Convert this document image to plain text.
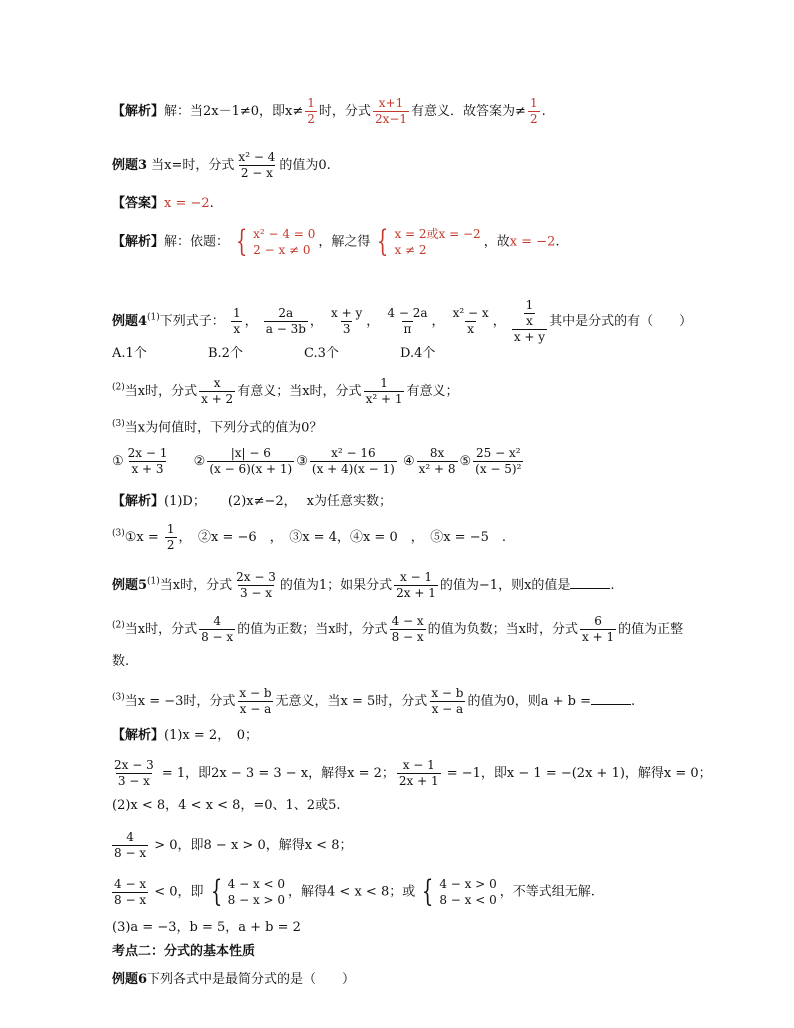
【解析】解：当2x－1≠0，即$x\ne \frac{1}{2}$ 时，分式 $\frac{x+1}{2x-1}$ 有意义．故答案为≠ $\frac{1}{2}$ .
例题3 当x=时，分式 $\frac{\text{x² − 4}}{2 - x}$ 的值为0.
【答案】x = −2.
【解析】解：依题： { x² − 4 = 0
2 − x ≠ 0
，解之得 { x = 2或x = −2
x ≠ 2
，故x = −2.
例题4$^{(1)}$下列式子： $\frac{1}{x}$ ， $\frac{2a}{a - 3b}$ ， $\frac{x + y}{3}$ ， $\frac{4 - 2a}{\pi}$ ， $\frac{\text{x² − x}}{x}$ ， $\frac{\frac{1}{x}}{x + y}$ 其中是分式的有（　　）
A.1个	B.2个	C.3个	D.4个
$^{(2)}$当x时，分式 $\frac{x}{x + 2}$ 有意义；当x时，分式 $\frac{1}{\text{x² + 1}}$ 有意义；
$^{(3)}$当x为何值时，下列分式的值为0？
① $\frac{2x - 1}{x + 3}$ ② $\frac{|x| - 6}{(x - 6)(x + 1)}$ ③ $\frac{\text{x² − 16}}{(x + 4)(x - 1)}$ ④ $\frac{8x}{\text{x² + 8}}$ ⑤ $\frac{\text{25 − x²}}{\text{(x − 5)²}}$
【解析】(1)D； (2)x≠−2， x为任意实数；
$^{(3)}$①x = $\frac{1}{2}$ ，　②x = −6　，　③x = 4，④x = 0　，　⑤x = −5　.
例题5$^{(1)}$当x时，分式 $\frac{2x - 3}{3 - x}$ 的值为1；如果分式 $\frac{x - 1}{2x + 1}$ 的值为−1，则x的值是	.
$^{(2)}$当x时，分式 $\frac{4}{8 - x}$ 的值为正数；当x时，分式 $\frac{4 - x}{8 - x}$ 的值为负数；当x时，分式 $\frac{6}{x + 1}$ 的值为正整
数.
$^{(3)}$当x = −3时，分式 $\frac{x - b}{x - a}$ 无意义，当x = 5时，分式 $\frac{x - b}{x - a}$ 的值为0，则a + b =	.
【解析】(1)x = 2，　0；
$\frac{2x - 3}{3 - x} = 1$，即2x − 3 = 3 − x，解得x = 2； $\frac{x - 1}{2x + 1} = -1$，即x − 1 = −(2x + 1)，解得x = 0；
(2)x < 8，4 < x < 8，=0、1、2或5.
$\frac{4}{8 - x} > 0$，即8 − x > 0，解得x < 8；
$\frac{4 - x}{8 - x} < 0$，即 { 4 − x < 0
8 − x > 0
，解得4 < x < 8；或 { 4 − x > 0
8 − x < 0
，不等式组无解.
(3)a = −3，b = 5，a + b = 2
考点二：分式的基本性质
例题6下列各式中是最简分式的是（　　）
